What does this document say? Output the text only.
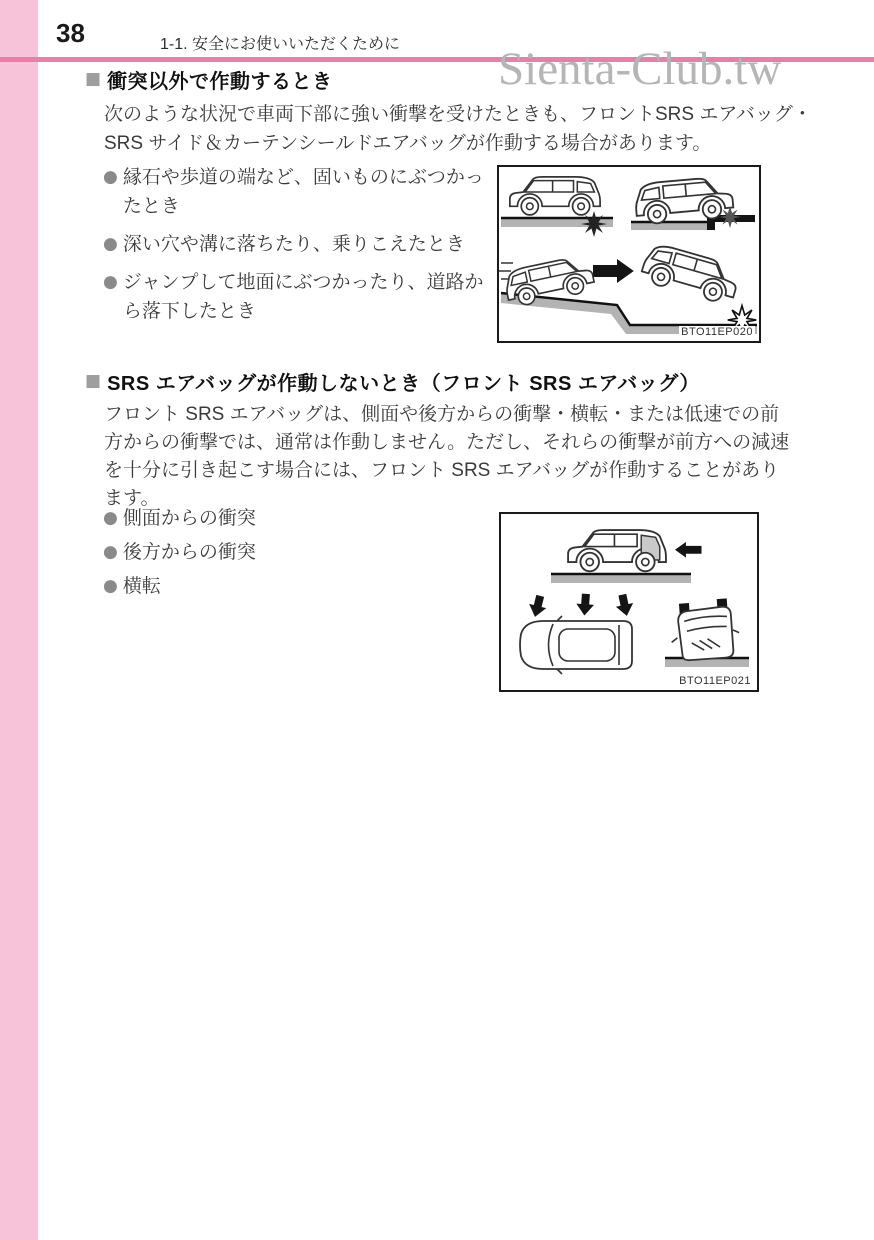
38	1-1. 安全にお使いいただくために Sienta-Club.tw
■ 衝突以外で作動するとき
次のような状況で車両下部に強い衝撃を受けたときも、フロントSRS エアバッグ・
SRS サイド＆カーテンシールドエアバッグが作動する場合があります。
● 縁石や歩道の端など、固いものにぶつかったとき
● 深い穴や溝に落ちたり、乗りこえたとき
● ジャンプして地面にぶつかったり、道路から落下したとき
BTO11EP020
■ SRS エアバッグが作動しないとき（フロント SRS エアバッグ）
フロント SRS エアバッグは、側面や後方からの衝撃・横転・または低速での前
方からの衝撃では、通常は作動しません。ただし、それらの衝撃が前方への減速
を十分に引き起こす場合には、フロント SRS エアバッグが作動することがあり
ます。
● 側面からの衝突
● 後方からの衝突
● 横転
BTO11EP021
